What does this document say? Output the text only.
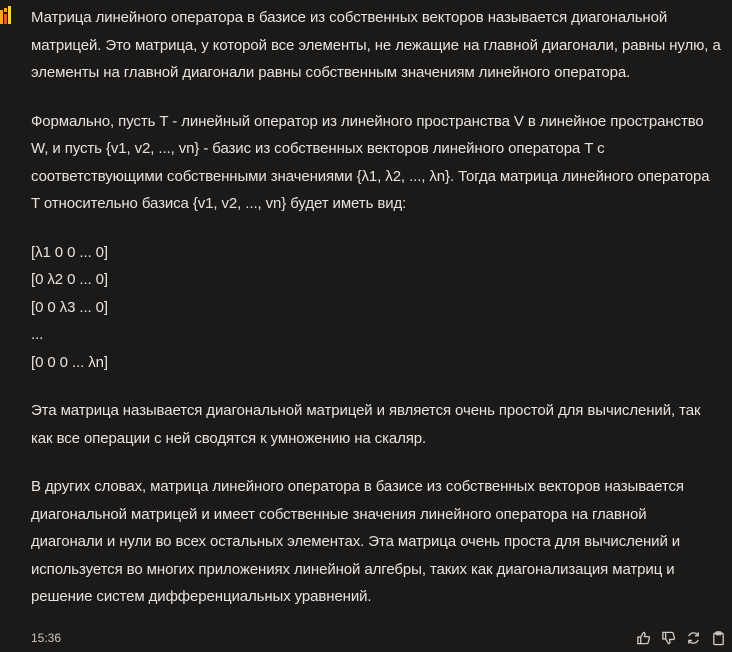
Матрица линейного оператора в базисе из собственных векторов называется диагональной матрицей. Это матрица, у которой все элементы, не лежащие на главной диагонали, равны нулю, а элементы на главной диагонали равны собственным значениям линейного оператора.

Формально, пусть T - линейный оператор из линейного пространства V в линейное пространство W, и пусть {v1, v2, ..., vn} - базис из собственных векторов линейного оператора T с соответствующими собственными значениями {λ1, λ2, ..., λn}. Тогда матрица линейного оператора T относительно базиса {v1, v2, ..., vn} будет иметь вид:

[λ1 0 0 ... 0]
[0 λ2 0 ... 0]
[0 0 λ3 ... 0]
...
[0 0 0 ... λn]

Эта матрица называется диагональной матрицей и является очень простой для вычислений, так как все операции с ней сводятся к умножению на скаляр.

В других словах, матрица линейного оператора в базисе из собственных векторов называется диагональной матрицей и имеет собственные значения линейного оператора на главной диагонали и нули во всех остальных элементах. Эта матрица очень проста для вычислений и используется во многих приложениях линейной алгебры, таких как диагонализация матриц и решение систем дифференциальных уравнений.

15:36
